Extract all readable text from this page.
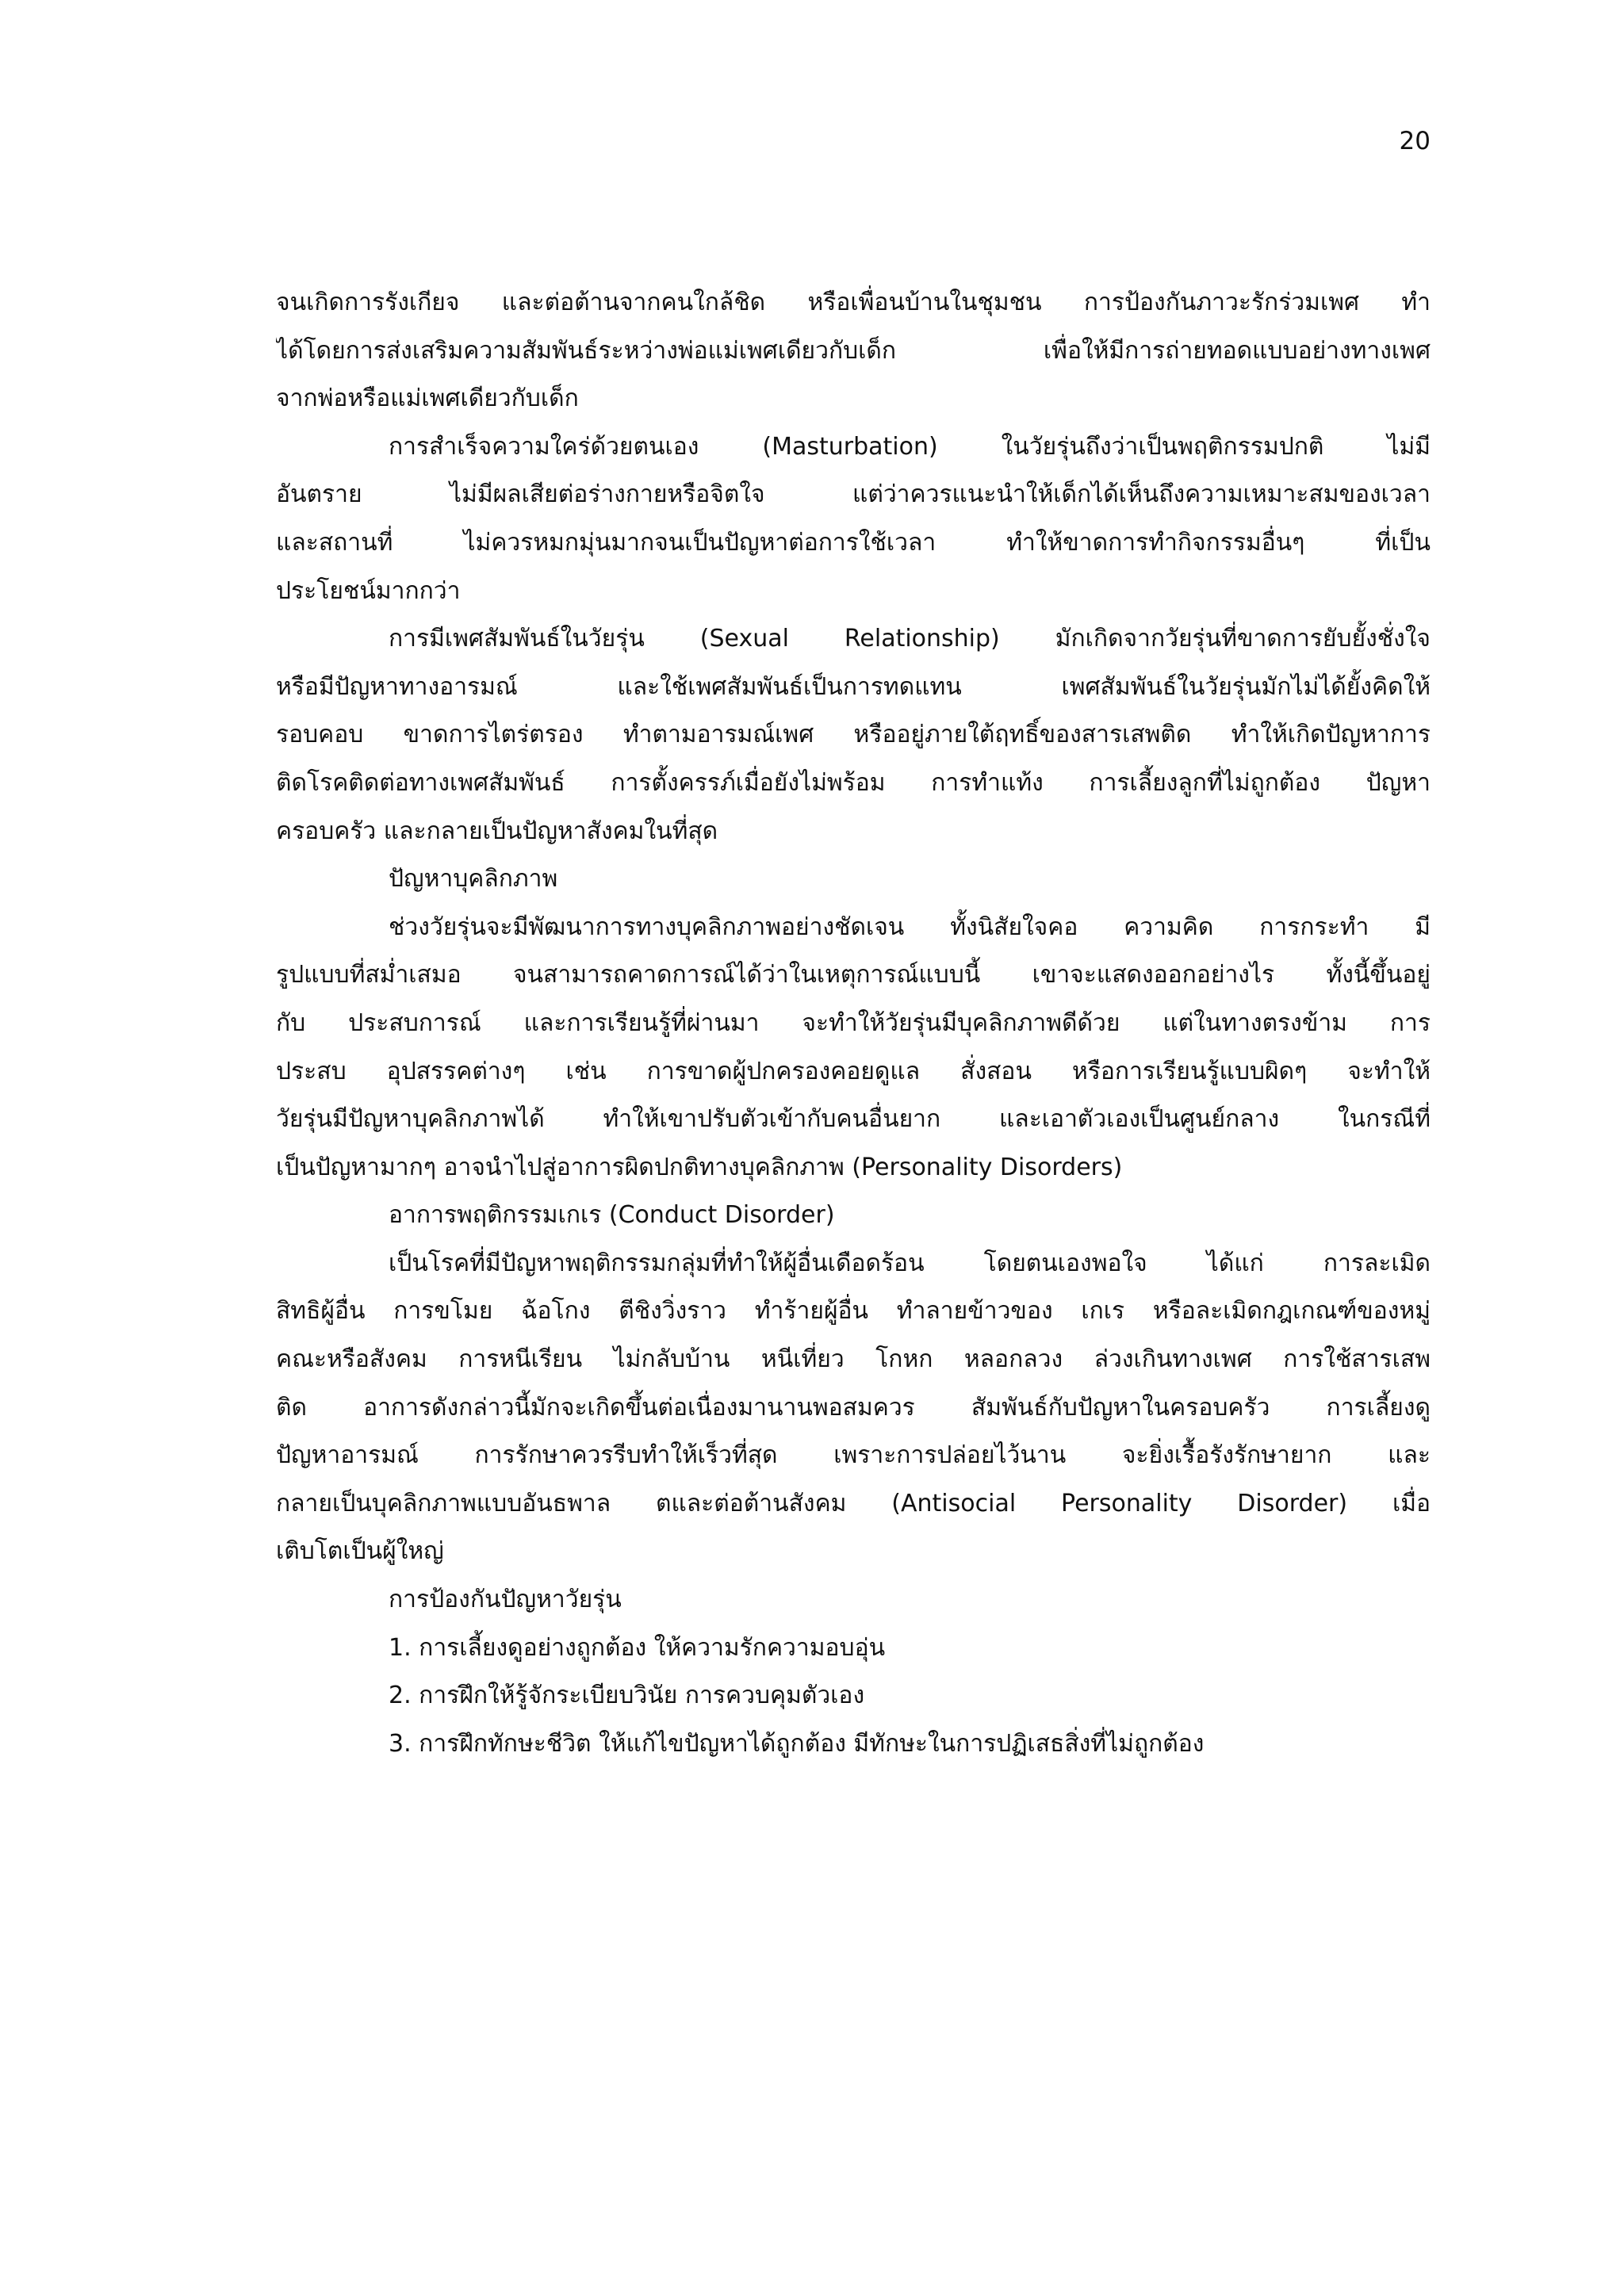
20
จนเกิดการรังเกียจ และต่อต้านจากคนใกล้ชิด หรือเพื่อนบ้านในชุมชน การป้องกันภาวะรักร่วมเพศ ทำ
ได้โดยการส่งเสริมความสัมพันธ์ระหว่างพ่อแม่เพศเดียวกับเด็ก เพื่อให้มีการถ่ายทอดแบบอย่างทางเพศ
จากพ่อหรือแม่เพศเดียวกับเด็ก
การสำเร็จความใคร่ด้วยตนเอง (Masturbation) ในวัยรุ่นถึงว่าเป็นพฤติกรรมปกติ ไม่มี
อันตราย ไม่มีผลเสียต่อร่างกายหรือจิตใจ แต่ว่าควรแนะนำให้เด็กได้เห็นถึงความเหมาะสมของเวลา
และสถานที่ ไม่ควรหมกมุ่นมากจนเป็นปัญหาต่อการใช้เวลา ทำให้ขาดการทำกิจกรรมอื่นๆ ที่เป็น
ประโยชน์มากกว่า
การมีเพศสัมพันธ์ในวัยรุ่น (Sexual Relationship) มักเกิดจากวัยรุ่นที่ขาดการยับยั้งชั่งใจ
หรือมีปัญหาทางอารมณ์ และใช้เพศสัมพันธ์เป็นการทดแทน เพศสัมพันธ์ในวัยรุ่นมักไม่ได้ยั้งคิดให้
รอบคอบ ขาดการไตร่ตรอง ทำตามอารมณ์เพศ หรืออยู่ภายใต้ฤทธิ์ของสารเสพติด ทำให้เกิดปัญหาการ
ติดโรคติดต่อทางเพศสัมพันธ์ การตั้งครรภ์เมื่อยังไม่พร้อม การทำแท้ง การเลี้ยงลูกที่ไม่ถูกต้อง ปัญหา
ครอบครัว และกลายเป็นปัญหาสังคมในที่สุด
ปัญหาบุคลิกภาพ
ช่วงวัยรุ่นจะมีพัฒนาการทางบุคลิกภาพอย่างชัดเจน ทั้งนิสัยใจคอ ความคิด การกระทำ มี
รูปแบบที่สม่ำเสมอ จนสามารถคาดการณ์ได้ว่าในเหตุการณ์แบบนี้ เขาจะแสดงออกอย่างไร ทั้งนี้ขึ้นอยู่
กับ ประสบการณ์ และการเรียนรู้ที่ผ่านมา จะทำให้วัยรุ่นมีบุคลิกภาพดีด้วย แต่ในทางตรงข้าม การ
ประสบ อุปสรรคต่างๆ เช่น การขาดผู้ปกครองคอยดูแล สั่งสอน หรือการเรียนรู้แบบผิดๆ จะทำให้
วัยรุ่นมีปัญหาบุคลิกภาพได้ ทำให้เขาปรับตัวเข้ากับคนอื่นยาก และเอาตัวเองเป็นศูนย์กลาง ในกรณีที่
เป็นปัญหามากๆ อาจนำไปสู่อาการผิดปกติทางบุคลิกภาพ (Personality Disorders)
อาการพฤติกรรมเกเร (Conduct Disorder)
เป็นโรคที่มีปัญหาพฤติกรรมกลุ่มที่ทำให้ผู้อื่นเดือดร้อน โดยตนเองพอใจ ได้แก่ การละเมิด
สิทธิผู้อื่น การขโมย ฉ้อโกง ตีชิงวิ่งราว ทำร้ายผู้อื่น ทำลายข้าวของ เกเร หรือละเมิดกฎเกณฑ์ของหมู่
คณะหรือสังคม การหนีเรียน ไม่กลับบ้าน หนีเที่ยว โกหก หลอกลวง ล่วงเกินทางเพศ การใช้สารเสพ
ติด อาการดังกล่าวนี้มักจะเกิดขึ้นต่อเนื่องมานานพอสมควร สัมพันธ์กับปัญหาในครอบครัว การเลี้ยงดู
ปัญหาอารมณ์ การรักษาควรรีบทำให้เร็วที่สุด เพราะการปล่อยไว้นาน จะยิ่งเรื้อรังรักษายาก และ
กลายเป็นบุคลิกภาพแบบอันธพาล ตและต่อต้านสังคม (Antisocial Personality Disorder) เมื่อ
เติบโตเป็นผู้ใหญ่
การป้องกันปัญหาวัยรุ่น
1. การเลี้ยงดูอย่างถูกต้อง ให้ความรักความอบอุ่น
2. การฝึกให้รู้จักระเบียบวินัย การควบคุมตัวเอง
3. การฝึกทักษะชีวิต ให้แก้ไขปัญหาได้ถูกต้อง มีทักษะในการปฏิเสธสิ่งที่ไม่ถูกต้อง
